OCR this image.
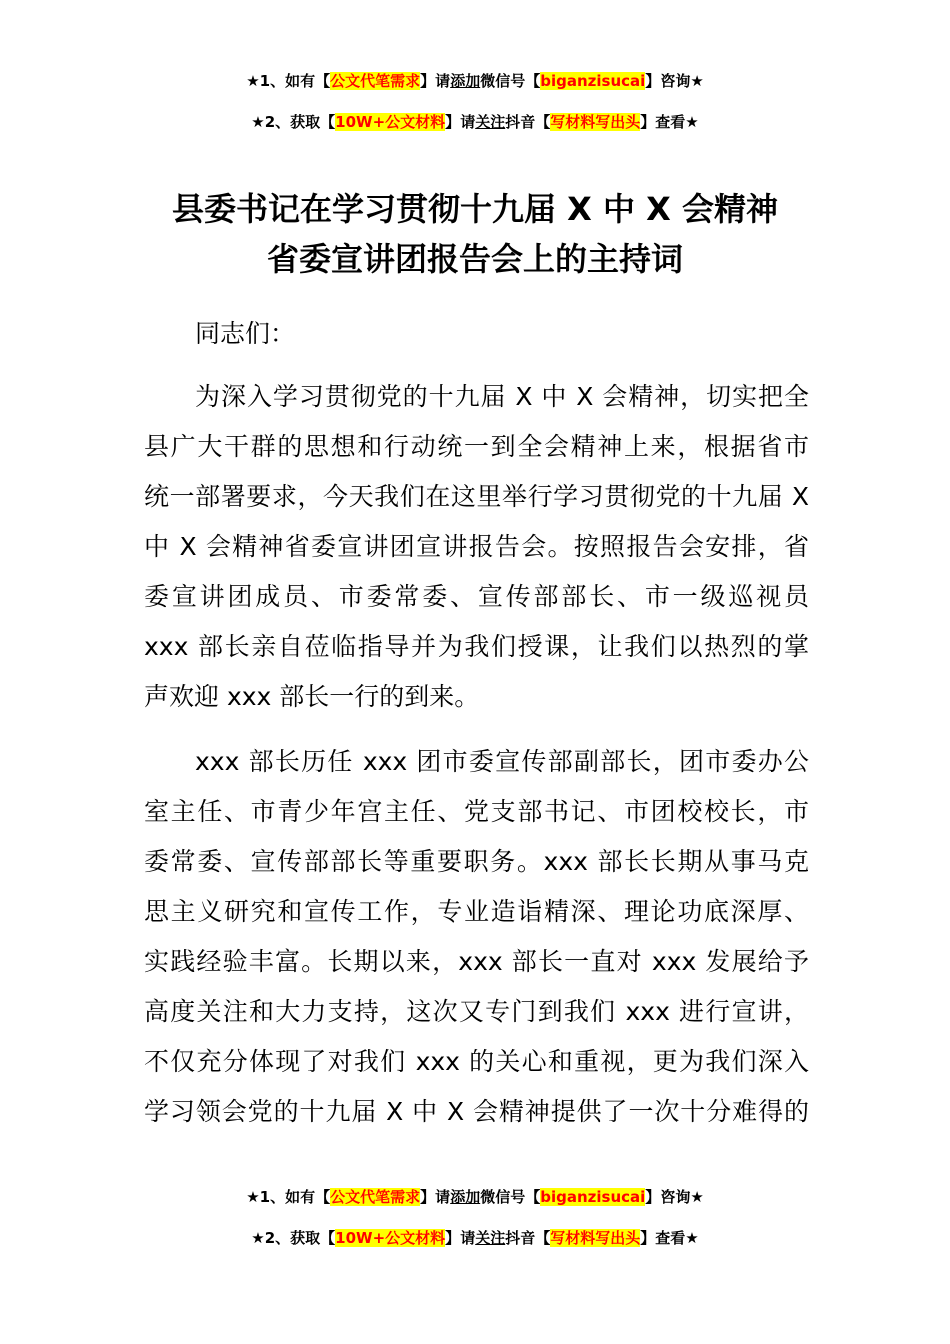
★1、如有【公文代笔需求】请添加微信号【biganzisucai】咨询★
★2、获取【10W+公文材料】请关注抖音【写材料写出头】查看★
县委书记在学习贯彻十九届 X 中 X 会精神
省委宣讲团报告会上的主持词
同志们：
为深入学习贯彻党的十九届 X 中 X 会精神，切实把全
县广大干群的思想和行动统一到全会精神上来，根据省市
统一部署要求，今天我们在这里举行学习贯彻党的十九届 X
中 X 会精神省委宣讲团宣讲报告会。按照报告会安排，省
委宣讲团成员、市委常委、宣传部部长、市一级巡视员
xxx 部长亲自莅临指导并为我们授课，让我们以热烈的掌
声欢迎 xxx 部长一行的到来。
xxx 部长历任 xxx 团市委宣传部副部长，团市委办公
室主任、市青少年宫主任、党支部书记、市团校校长，市
委常委、宣传部部长等重要职务。xxx 部长长期从事马克
思主义研究和宣传工作，专业造诣精深、理论功底深厚、
实践经验丰富。长期以来，xxx 部长一直对 xxx 发展给予
高度关注和大力支持，这次又专门到我们 xxx 进行宣讲，
不仅充分体现了对我们 xxx 的关心和重视，更为我们深入
学习领会党的十九届 X 中 X 会精神提供了一次十分难得的
★1、如有【公文代笔需求】请添加微信号【biganzisucai】咨询★
★2、获取【10W+公文材料】请关注抖音【写材料写出头】查看★
